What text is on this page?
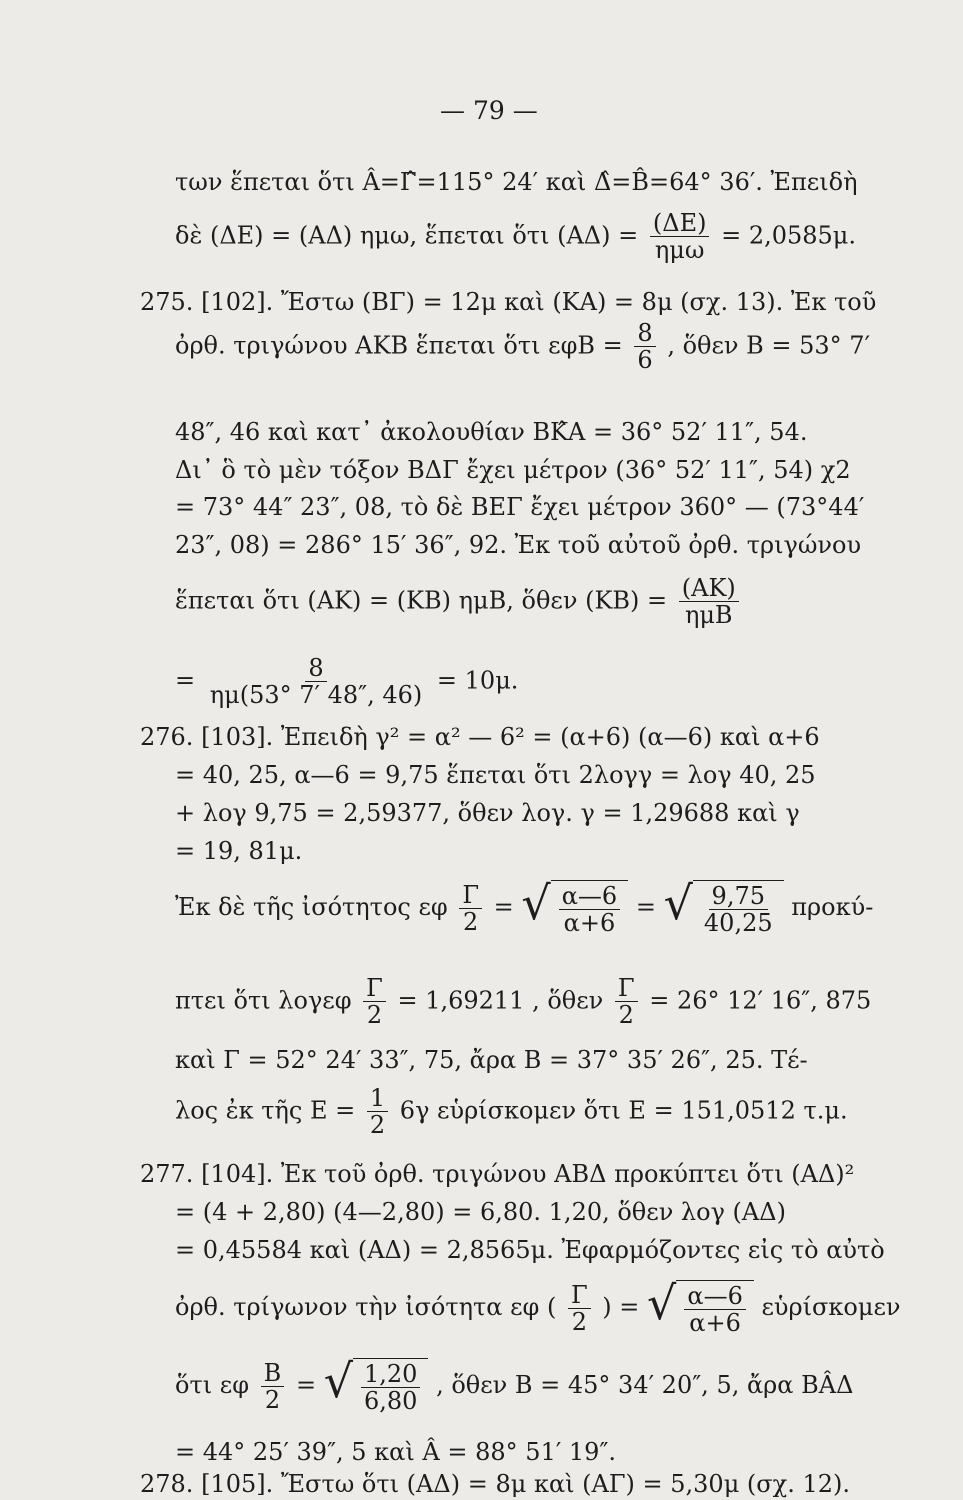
— 79 —
των ἕπεται ὅτι Â=Γ̂=115° 24′ καὶ Δ̂=B̂=64° 36′. Ἐπειδὴ
δὲ (ΔΕ) = (ΑΔ) ημω, ἕπεται ὅτι $(A\Delta) = \frac{(\Delta E)}{\text{ημω}} = 2,0585\mu$.
275. [102]. Ἔστω (ΒΓ) = 12μ καὶ (ΚΑ) = 8μ (σχ. 13). Ἐκ τοῦ
ὀρθ. τριγώνου ΑΚΒ ἕπεται ὅτι $\varepsilon\varphi B = \frac{8}{6}$ , ὅθεν Β = 53° 7′
48″, 46 καὶ κατ᾽ ἀκολουθίαν ΒΚ̂Α = 36° 52′ 11″, 54.
Δι᾽ ὃ τὸ μὲν τόξον ΒΔΓ ἔχει μέτρον (36° 52′ 11″, 54) χ2
= 73° 44″ 23″, 08, τὸ δὲ ΒΕΓ ἔχει μέτρον 360° — (73°44′
23″, 08) = 286° 15′ 36″, 92. Ἐκ τοῦ αὐτοῦ ὀρθ. τριγώνου
ἕπεται ὅτι (ΑΚ) = (ΚΒ) ημΒ, ὅθεν $(KB) = \frac{(AK)}{\text{ημΒ}}$
= $\frac{8}{\eta\mu(53^\circ 7' 48'', 46)} = 10\mu$.
276. [103]. Ἐπειδὴ γ² = α² — 6² = (α+6) (α—6) καὶ α+6
= 40, 25, α—6 = 9,75 ἕπεται ὅτι 2λογγ = λογ 40, 25
+ λογ 9,75 = 2,59377, ὅθεν λογ. γ = 1,29688 καὶ γ
= 19, 81μ.
Ἐκ δὲ τῆς ἰσότητος εφ $\frac{\Gamma}{2}$ = √ $\frac{\alpha—6}{\alpha+6}$ = √ $\frac{9,75}{40,25} \pi\rho o\kappa ύ-$
πτει ὅτι λογεφ $\frac{\Gamma}{2} = 1,69211$ , ὅθεν $\frac{\Gamma}{2} = 26^\circ$ 12′ 16″, 875
καὶ Γ = 52° 24′ 33″, 75, ἄρα Β = 37° 35′ 26″, 25. Τέ-
λος ἐκ τῆς $E = \frac{1}{2} 6\gamma$ εὑρίσκομεν ὅτι Ε = 151,0512 τ.μ.
277. [104]. Ἐκ τοῦ ὀρθ. τριγώνου ΑΒΔ προκύπτει ὅτι (ΑΔ)²
= (4 + 2,80) (4—2,80) = 6,80. 1,20, ὅθεν λογ (ΑΔ)
= 0,45584 καὶ (ΑΔ) = 2,8565μ. Ἐφαρμόζοντες εἰς τὸ αὐτὸ
ὀρθ. τρίγωνον τὴν ἰσότητα εφ ( $\frac{\Gamma}{2}$ ) = √ $\frac{\alpha—6}{\alpha+6}$ εὑρίσκομεν
ὅτι εφ $\frac{B}{2}$ = √ $\frac{1,20}{6,80}$ , ὅθεν Β = 45° 34′ 20″, 5, ἄρα ΒÂΔ
= 44° 25′ 39″, 5 καὶ Â = 88° 51′ 19″.
278. [105]. Ἔστω ὅτι (ΑΔ) = 8μ καὶ (ΑΓ) = 5,30μ (σχ. 12).
